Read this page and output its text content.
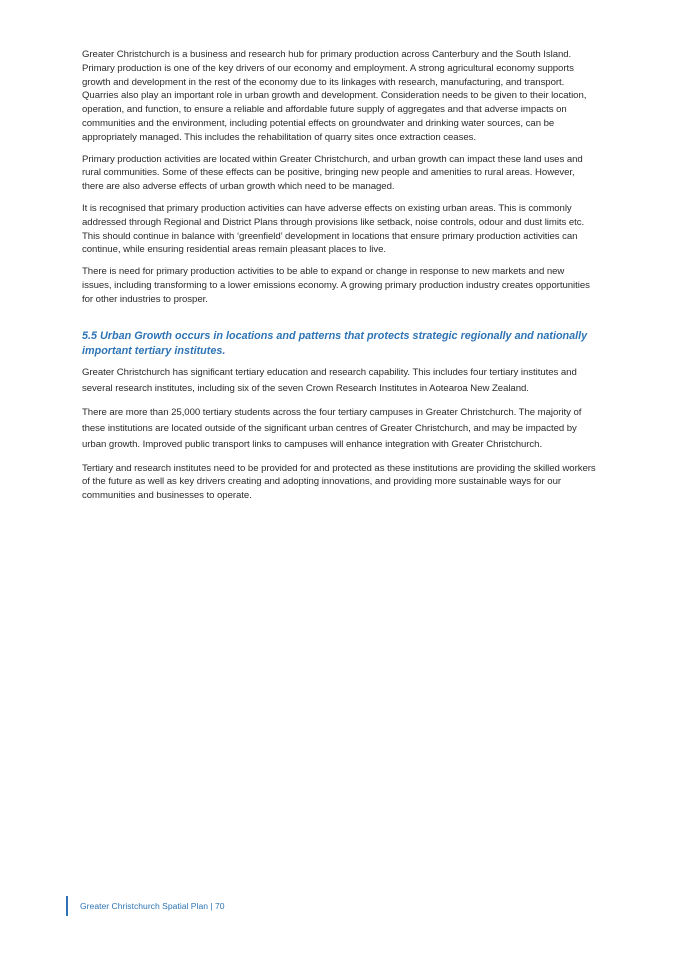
Greater Christchurch is a business and research hub for primary production across Canterbury and the South Island. Primary production is one of the key drivers of our economy and employment. A strong agricultural economy supports growth and development in the rest of the economy due to its linkages with research, manufacturing, and transport. Quarries also play an important role in urban growth and development. Consideration needs to be given to their location, operation, and function, to ensure a reliable and affordable future supply of aggregates and that adverse impacts on communities and the environment, including potential effects on groundwater and drinking water sources, can be appropriately managed. This includes the rehabilitation of quarry sites once extraction ceases.

Primary production activities are located within Greater Christchurch, and urban growth can impact these land uses and rural communities. Some of these effects can be positive, bringing new people and amenities to rural areas. However, there are also adverse effects of urban growth which need to be managed.

It is recognised that primary production activities can have adverse effects on existing urban areas. This is commonly addressed through Regional and District Plans through provisions like setback, noise controls, odour and dust limits etc. This should continue in balance with ‘greenfield’ development in locations that ensure primary production activities can continue, while ensuring residential areas remain pleasant places to live.

There is need for primary production activities to be able to expand or change in response to new markets and new issues, including transforming to a lower emissions economy. A growing primary production industry creates opportunities for other industries to prosper.

5.5 Urban Growth occurs in locations and patterns that protects strategic regionally and nationally important tertiary institutes.

Greater Christchurch has significant tertiary education and research capability. This includes four tertiary institutes and several research institutes, including six of the seven Crown Research Institutes in Aotearoa New Zealand.

There are more than 25,000 tertiary students across the four tertiary campuses in Greater Christchurch. The majority of these institutions are located outside of the significant urban centres of Greater Christchurch, and may be impacted by urban growth. Improved public transport links to campuses will enhance integration with Greater Christchurch.

Tertiary and research institutes need to be provided for and protected as these institutions are providing the skilled workers of the future as well as key drivers creating and adopting innovations, and providing more sustainable ways for our communities and businesses to operate.

Greater Christchurch Spatial Plan | 70
